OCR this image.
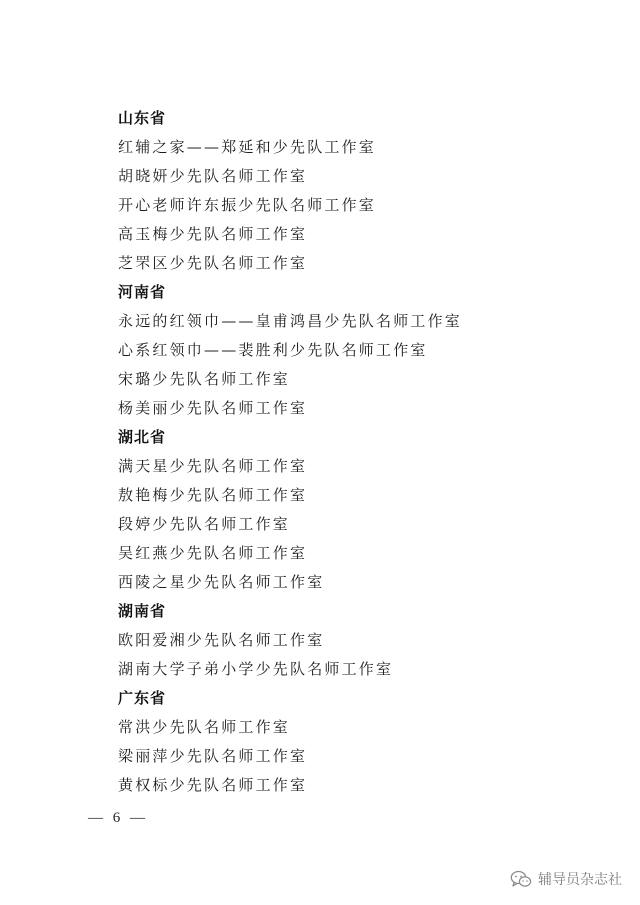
山东省
红辅之家——郑延和少先队工作室
胡晓妍少先队名师工作室
开心老师许东振少先队名师工作室
高玉梅少先队名师工作室
芝罘区少先队名师工作室
河南省
永远的红领巾——皇甫鸿昌少先队名师工作室
心系红领巾——裴胜利少先队名师工作室
宋璐少先队名师工作室
杨美丽少先队名师工作室
湖北省
满天星少先队名师工作室
敖艳梅少先队名师工作室
段婷少先队名师工作室
吴红燕少先队名师工作室
西陵之星少先队名师工作室
湖南省
欧阳爱湘少先队名师工作室
湖南大学子弟小学少先队名师工作室
广东省
常洪少先队名师工作室
梁丽萍少先队名师工作室
黄权标少先队名师工作室
— 6 —
辅导员杂志社
